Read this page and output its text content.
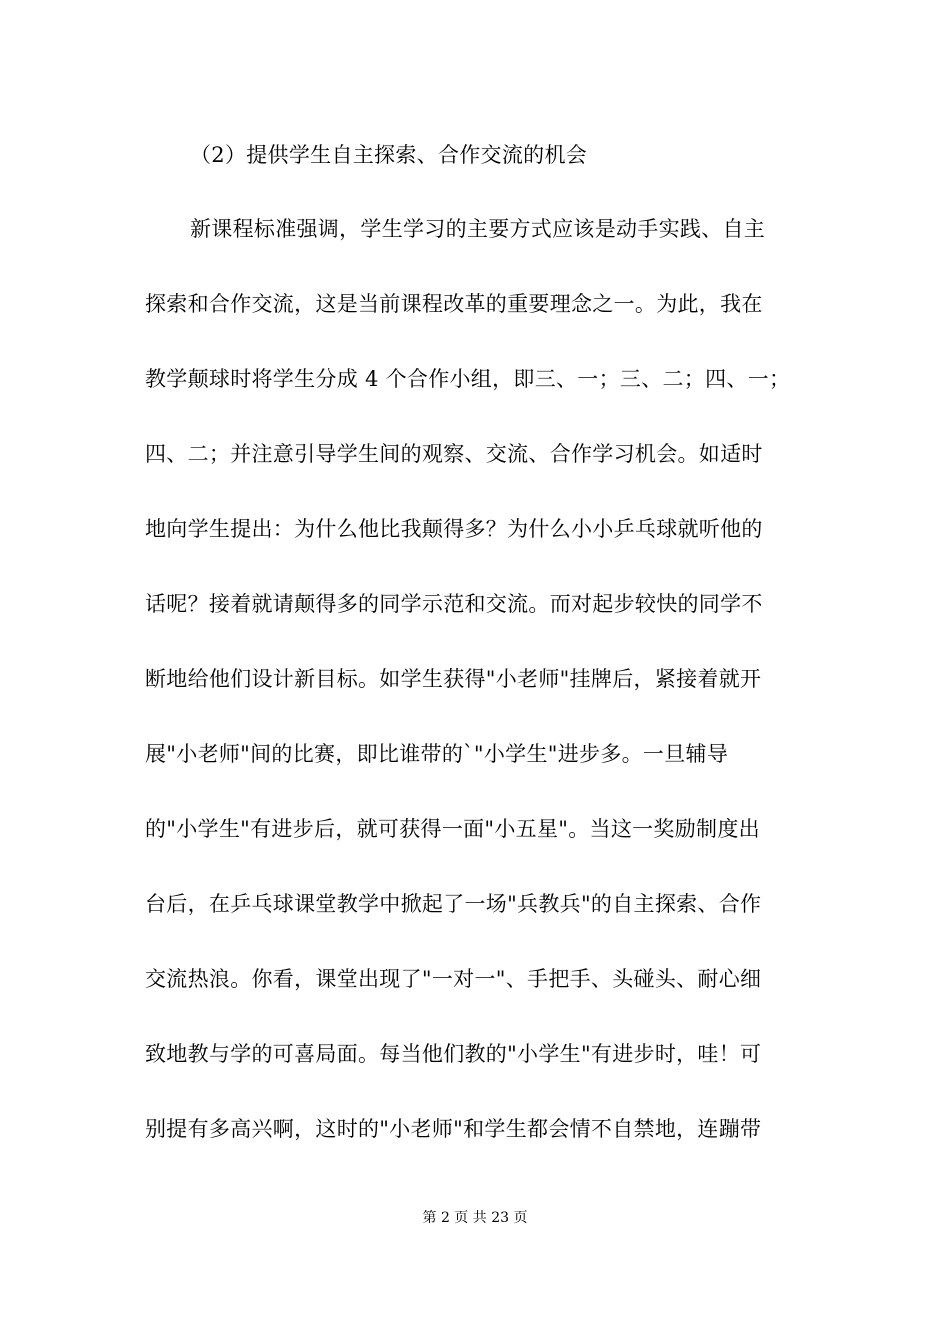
（2）提供学生自主探索、合作交流的机会
新课程标准强调，学生学习的主要方式应该是动手实践、自主
探索和合作交流，这是当前课程改革的重要理念之一。为此，我在
教学颠球时将学生分成 4 个合作小组，即三、一；三、二；四、一；
四、二；并注意引导学生间的观察、交流、合作学习机会。如适时
地向学生提出：为什么他比我颠得多？为什么小小乒乓球就听他的
话呢？接着就请颠得多的同学示范和交流。而对起步较快的同学不
断地给他们设计新目标。如学生获得"小老师"挂牌后，紧接着就开
展"小老师"间的比赛，即比谁带的`"小学生"进步多。一旦辅导
的"小学生"有进步后，就可获得一面"小五星"。当这一奖励制度出
台后，在乒乓球课堂教学中掀起了一场"兵教兵"的自主探索、合作
交流热浪。你看，课堂出现了"一对一"、手把手、头碰头、耐心细
致地教与学的可喜局面。每当他们教的"小学生"有进步时，哇！可
别提有多高兴啊，这时的"小老师"和学生都会情不自禁地，连蹦带
第 2 页 共 23 页
